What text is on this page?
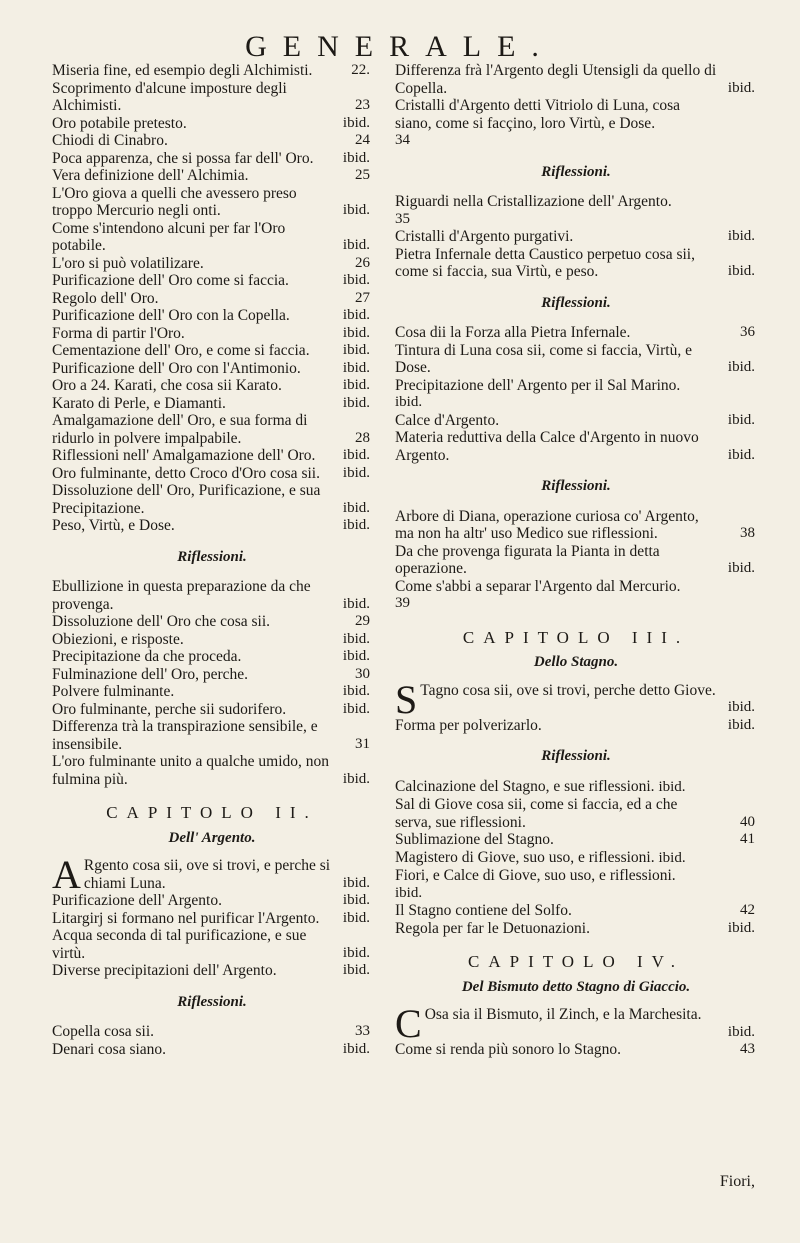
GENERALE.
Miseria fine, ed esempio degli Alchimisti.	22.
Scoprimento d'alcune imposture degli Alchimisti.	23
Oro potabile pretesto.	ibid.
Chiodi di Cinabro.	24
Poca apparenza, che si possa far dell' Oro.	ibid.
Vera definizione dell' Alchimia.	25
L'Oro giova a quelli che avessero preso troppo Mercurio negli onti.	ibid.
Come s'intendono alcuni per far l'Oro potabile.	ibid.
L'oro si può volatilizare.	26
Purificazione dell' Oro come si faccia.	ibid.
Regolo dell' Oro.	27
Purificazione dell' Oro con la Copella.	ibid.
Forma di partir l'Oro.	ibid.
Cementazione dell' Oro, e come si faccia.	ibid.
Purificazione dell' Oro con l'Antimonio.	ibid.
Oro a 24. Karati, che cosa sii Karato.	ibid.
Karato di Perle, e Diamanti.	ibid.
Amalgamazione dell' Oro, e sua forma di ridurlo in polvere impalpabile.	28
Riflessioni nell' Amalgamazione dell' Oro.	ibid.
Oro fulminante, detto Croco d'Oro cosa sii.	ibid.
Dissoluzione dell' Oro, Purificazione, e sua Precipitazione.	ibid.
Peso, Virtù, e Dose.	ibid.
Riflessioni.
Ebullizione in questa preparazione da che provenga.	ibid.
Dissoluzione dell' Oro che cosa sii.	29
Obiezioni, e risposte.	ibid.
Precipitazione da che proceda.	ibid.
Fulminazione dell' Oro, perche.	30
Polvere fulminante.	ibid.
Oro fulminante, perche sii sudorifero.	ibid.
Differenza trà la transpirazione sensibile, e insensibile.	31
L'oro fulminante unito a qualche umido, non fulmina più.	ibid.
CAPITOLO II.
Dell' Argento.
A Rgento cosa sii, ove si trovi, e perche si chiami Luna.	ibid.
Purificazione dell' Argento.	ibid.
Litargirj si formano nel purificar l'Argento.	ibid.
Acqua seconda di tal purificazione, e sue virtù.	ibid.
Diverse precipitazioni dell' Argento.	ibid.
Riflessioni.
Copella cosa sii.	33
Denari cosa siano.	ibid.
Differenza frà l'Argento degli Utensigli da quello di Copella.	ibid.
Cristalli d'Argento detti Vitriolo di Luna, cosa siano, come si facçino, loro Virtù, e Dose.
34
Riflessioni.
Riguardi nella Cristallizazione dell' Argento.
35
Cristalli d'Argento purgativi.	ibid.
Pietra Infernale detta Caustico perpetuo cosa sii, come si faccia, sua Virtù, e peso.	ibid.
Riflessioni.
Cosa dii la Forza alla Pietra Infernale.	36
Tintura di Luna cosa sii, come si faccia, Virtù, e Dose.	ibid.
Precipitazione dell' Argento per il Sal Marino.
ibid.
Calce d'Argento.	ibid.
Materia reduttiva della Calce d'Argento in nuovo Argento.	ibid.
Riflessioni.
Arbore di Diana, operazione curiosa co' Argento, ma non ha altr' uso Medico sue riflessioni.	38
Da che provenga figurata la Pianta in detta operazione.	ibid.
Come s'abbi a separar l'Argento dal Mercurio.
39
CAPITOLO III.
Dello Stagno.
S Tagno cosa sii, ove si trovi, perche detto Giove.
ibid.
Forma per polverizarlo.	ibid.
Riflessioni.
Calcinazione del Stagno, e sue riflessioni. ibid.
Sal di Giove cosa sii, come si faccia, ed a che serva, sue riflessioni.	40
Sublimazione del Stagno.	41
Magistero di Giove, suo uso, e riflessioni. ibid.
Fiori, e Calce di Giove, suo uso, e riflessioni.
ibid.
Il Stagno contiene del Solfo.	42
Regola per far le Detuonazioni.	ibid.
CAPITOLO IV.
Del Bismuto detto Stagno di Giaccio.
C Osa sia il Bismuto, il Zinch, e la Marchesita.
ibid.
Come si renda più sonoro lo Stagno.	43
Fiori,
